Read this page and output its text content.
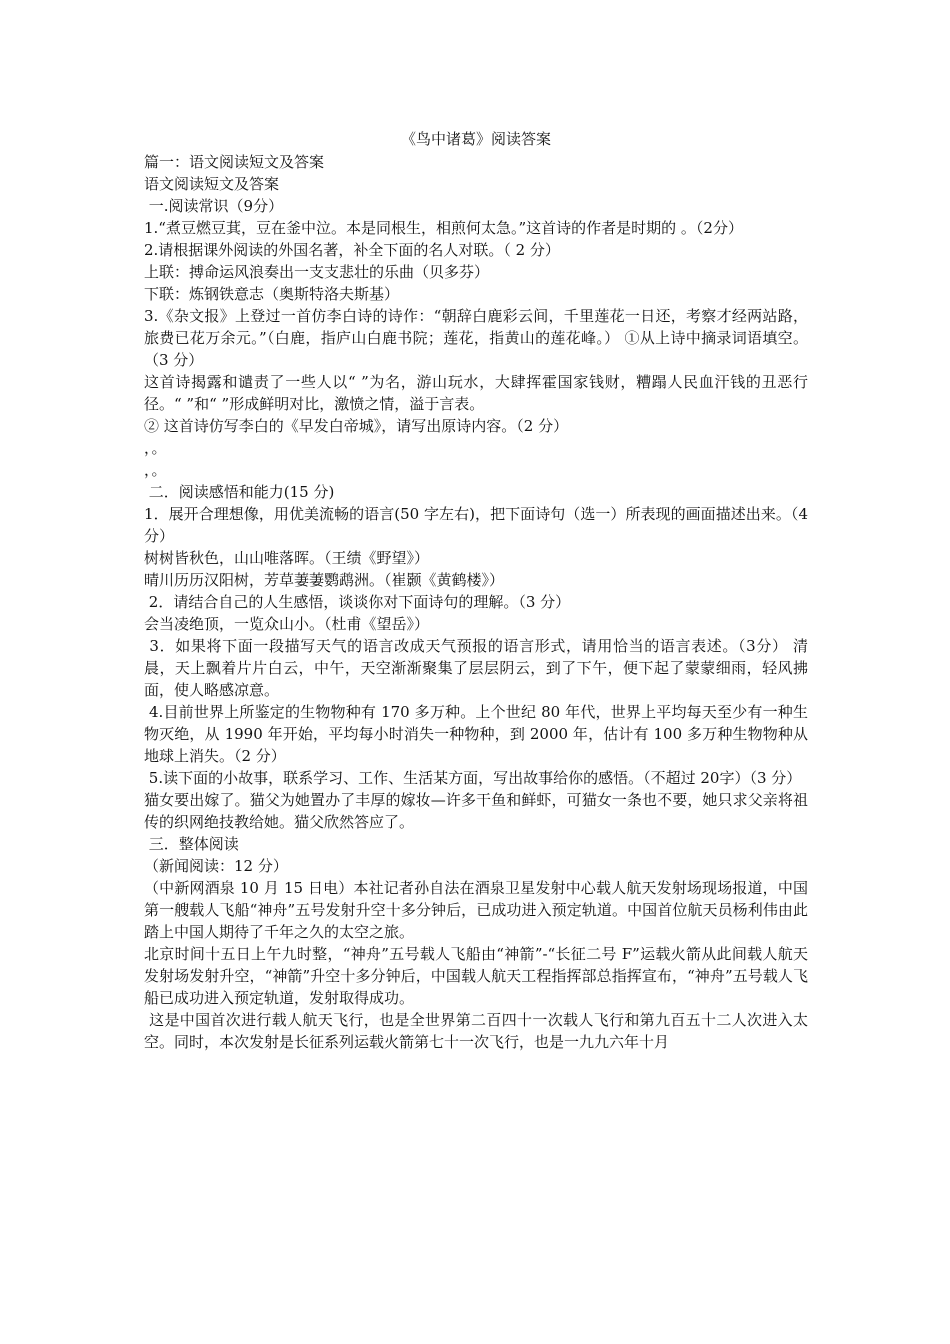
《鸟中诸葛》阅读答案

篇一：语文阅读短文及答案

语文阅读短文及答案

一.阅读常识（9分）

1.“煮豆燃豆萁，豆在釜中泣。本是同根生，相煎何太急。”这首诗的作者是时期的 。（2分）

2.请根据课外阅读的外国名著，补全下面的名人对联。（ 2 分）

上联：搏命运风浪奏出一支支悲壮的乐曲（贝多芬）

下联：炼钢铁意志（奥斯特洛夫斯基）

3.《杂文报》上登过一首仿李白诗的诗作：“朝辞白鹿彩云间，千里莲花一日还，考察才经两站路，旅费已花万余元。”（白鹿，指庐山白鹿书院；莲花，指黄山的莲花峰。） ①从上诗中摘录词语填空。（3 分）

这首诗揭露和谴责了一些人以“ ”为名，游山玩水，大肆挥霍国家钱财，糟蹋人民血汗钱的丑恶行径。“ ”和“ ”形成鲜明对比，激愤之情，溢于言表。

② 这首诗仿写李白的《早发白帝城》，请写出原诗内容。（2 分）

，。

，。

二．阅读感悟和能力(15 分)

1．展开合理想像，用优美流畅的语言(50 字左右)，把下面诗句（选一）所表现的画面描述出来。（4 分）

树树皆秋色，山山唯落晖。（王绩《野望》）

晴川历历汉阳树，芳草萋萋鹦鹉洲。（崔颢《黄鹤楼》）

2．请结合自己的人生感悟，谈谈你对下面诗句的理解。（3 分）

会当凌绝顶，一览众山小。（杜甫《望岳》）

3．如果将下面一段描写天气的语言改成天气预报的语言形式，请用恰当的语言表述。（3分） 清晨，天上飘着片片白云，中午，天空渐渐聚集了层层阴云，到了下午，便下起了蒙蒙细雨，轻风拂面，使人略感凉意。

4.目前世界上所鉴定的生物物种有 170 多万种。上个世纪 80 年代，世界上平均每天至少有一种生物灭绝，从 1990 年开始，平均每小时消失一种物种，到 2000 年，估计有 100 多万种生物物种从地球上消失。（2 分）

5.读下面的小故事，联系学习、工作、生活某方面，写出故事给你的感悟。（不超过 20字）（3 分）

猫女要出嫁了。猫父为她置办了丰厚的嫁妆—许多干鱼和鲜虾，可猫女一条也不要，她只求父亲将祖传的织网绝技教给她。猫父欣然答应了。

三．整体阅读

（新闻阅读：12 分）

（中新网酒泉 10 月 15 日电）本社记者孙自法在酒泉卫星发射中心载人航天发射场现场报道，中国第一艘载人飞船“神舟”五号发射升空十多分钟后，已成功进入预定轨道。中国首位航天员杨利伟由此踏上中国人期待了千年之久的太空之旅。

北京时间十五日上午九时整，“神舟”五号载人飞船由“神箭”-“长征二号 F”运载火箭从此间载人航天发射场发射升空，“神箭”升空十多分钟后，中国载人航天工程指挥部总指挥宣布，“神舟”五号载人飞船已成功进入预定轨道，发射取得成功。

这是中国首次进行载人航天飞行，也是全世界第二百四十一次载人飞行和第九百五十二人次进入太空。同时，本次发射是长征系列运载火箭第七十一次飞行，也是一九九六年十月
